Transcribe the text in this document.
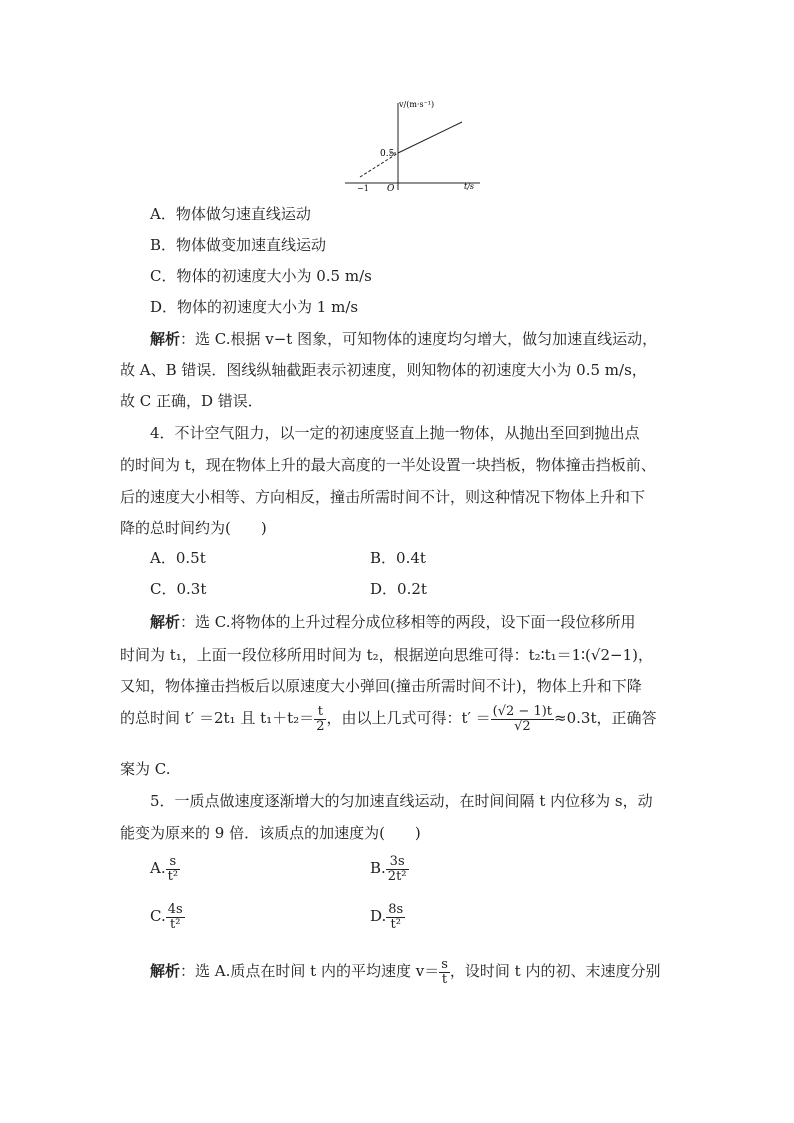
v/(m·s⁻¹)
t/s
0.5
−1 O
A．物体做匀速直线运动
B．物体做变加速直线运动
C．物体的初速度大小为 0.5 m/s
D．物体的初速度大小为 1 m/s
解析：选 C.根据 v−t 图象，可知物体的速度均匀增大，做匀加速直线运动，
故 A、B 错误．图线纵轴截距表示初速度，则知物体的初速度大小为 0.5 m/s，
故 C 正确，D 错误．
4．不计空气阻力，以一定的初速度竖直上抛一物体，从抛出至回到抛出点
的时间为 t，现在物体上升的最大高度的一半处设置一块挡板，物体撞击挡板前、
后的速度大小相等、方向相反，撞击所需时间不计，则这种情况下物体上升和下
降的总时间约为(　　)
A．0.5t	B．0.4t
C．0.3t	D．0.2t
解析：选 C.将物体的上升过程分成位移相等的两段，设下面一段位移所用
时间为 t₁，上面一段位移所用时间为 t₂，根据逆向思维可得：t₂∶t₁＝1∶(√2−1)，
又知，物体撞击挡板后以原速度大小弹回(撞击所需时间不计)，物体上升和下降
的总时间 t′ ＝2t₁ 且 $t_1+t_2= \frac{t}{2}$ ，由以上几式可得：$t' = \frac{(√2 - 1)t}{√2} \approx 0.3t$，正确答
案为 C.
5．一质点做速度逐渐增大的匀加速直线运动，在时间间隔 t 内位移为 s，动
能变为原来的 9 倍．该质点的加速度为(　　)
A. $\frac{s}{\text{t²}}$	B. $\frac{3s}{\text{2t²}}$
C. $\frac{4s}{\text{t²}}$	D. $\frac{8s}{\text{t²}}$
解析：选 A.质点在时间 t 内的平均速度 $v= \frac{s}{t}$ ，设时间 t 内的初、末速度分别
